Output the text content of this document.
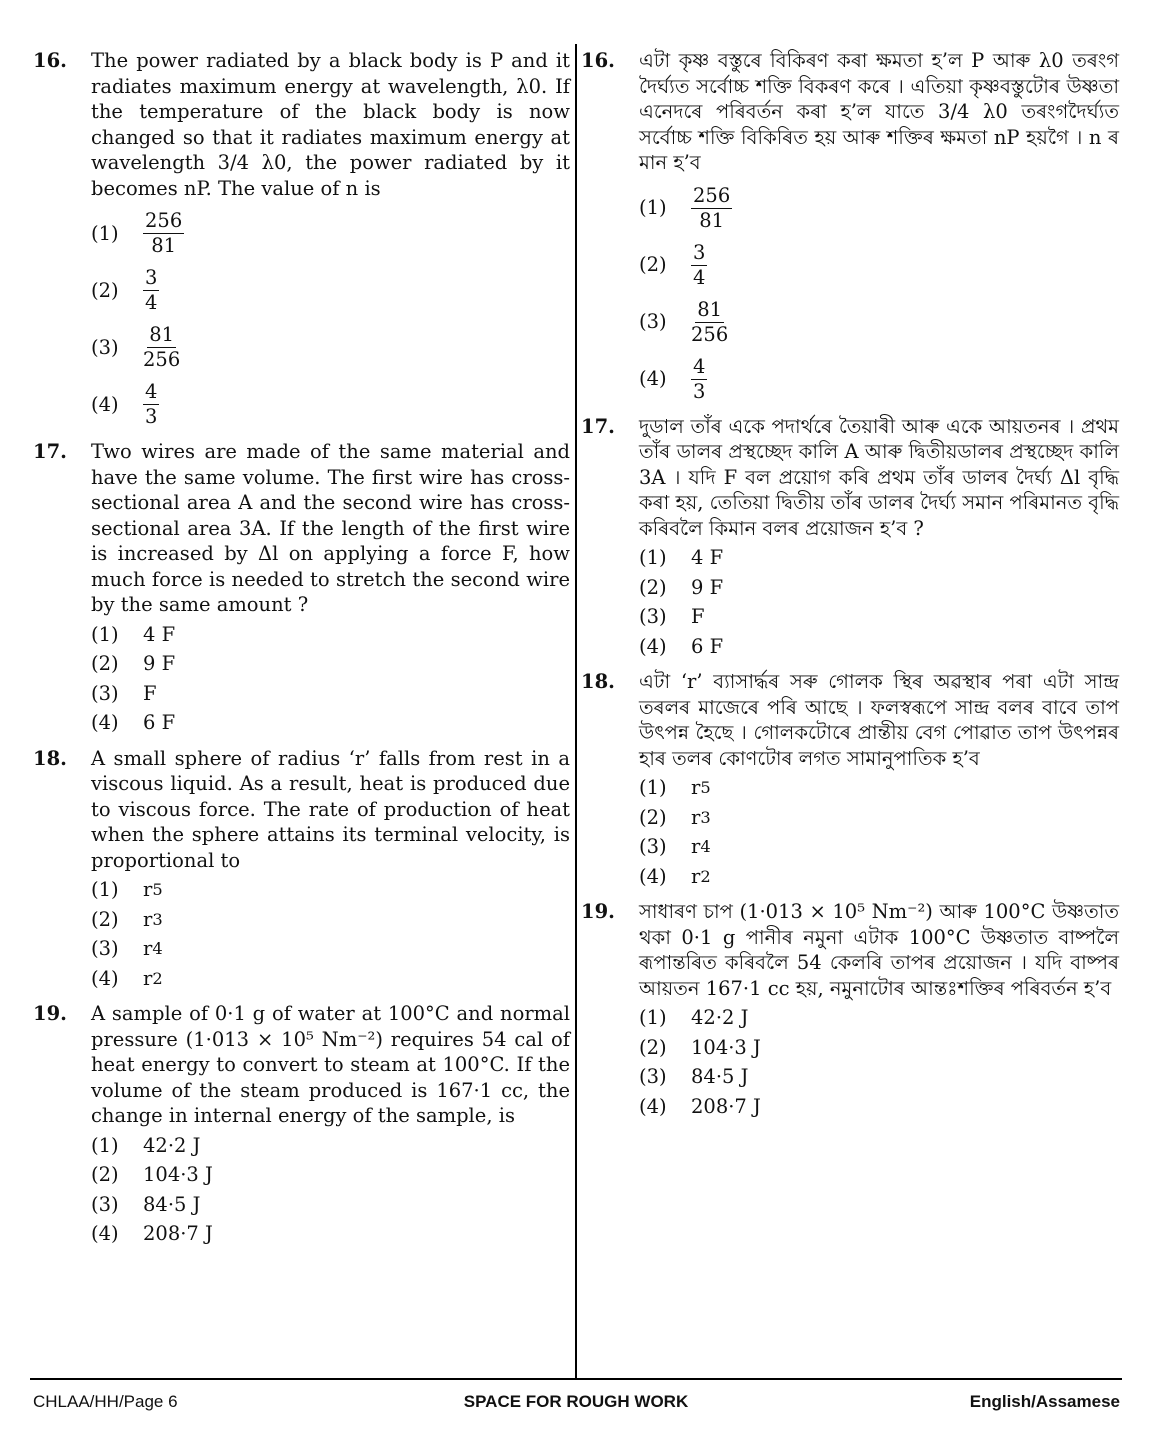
16. The power radiated by a black body is P and it radiates maximum energy at wavelength, λ0. If the temperature of the black body is now changed so that it radiates maximum energy at wavelength 3/4 λ0, the power radiated by it becomes nP. The value of n is
(1)	$\frac{256}{81}$
(2)	$\frac{3}{4}$
(3)	$\frac{81}{256}$
(4)	$\frac{4}{3}$
17. Two wires are made of the same material and have the same volume. The first wire has cross-sectional area A and the second wire has cross-sectional area 3A. If the length of the first wire is increased by Δl on applying a force F, how much force is needed to stretch the second wire by the same amount ?
(1)	4 F
(2)	9 F
(3)	F
(4)	6 F
18. A small sphere of radius ‘r’ falls from rest in a viscous liquid. As a result, heat is produced due to viscous force. The rate of production of heat when the sphere attains its terminal velocity, is proportional to
(1)	r 5
(2)	r 3
(3)	r 4
(4)	r 2
19. A sample of 0·1 g of water at 100°C and normal pressure (1·013 × 10⁵ Nm⁻²) requires 54 cal of heat energy to convert to steam at 100°C. If the volume of the steam produced is 167·1 cc, the change in internal energy of the sample, is
(1)	42·2 J
(2)	104·3 J
(3)	84·5 J
(4)	208·7 J
16. এটা কৃষ্ণ বস্তুৰে বিকিৰণ কৰা ক্ষমতা হ’ল P আৰু λ0 তৰংগ দৈৰ্ঘ্যত সৰ্বোচ্চ শক্তি বিকৰণ কৰে । এতিয়া কৃষ্ণবস্তুটোৰ উষ্ণতা এনেদৰে পৰিবৰ্তন কৰা হ’ল যাতে 3/4 λ0 তৰংগদৈৰ্ঘ্যত সৰ্বোচ্চ শক্তি বিকিৰিত হয় আৰু শক্তিৰ ক্ষমতা nP হয়গৈ । n ৰ মান হ’ব
(1)	$\frac{256}{81}$
(2)	$\frac{3}{4}$
(3)	$\frac{81}{256}$
(4)	$\frac{4}{3}$
17. দুডাল তাঁৰ একে পদাৰ্থৰে তৈয়াৰী আৰু একে আয়তনৰ । প্ৰথম তাঁৰ ডালৰ প্ৰস্থচ্ছেদ কালি A আৰু দ্বিতীয়ডালৰ প্ৰস্থচ্ছেদ কালি 3A । যদি F বল প্ৰয়োগ কৰি প্ৰথম তাঁৰ ডালৰ দৈৰ্ঘ্য Δl বৃদ্ধি কৰা হয়, তেতিয়া দ্বিতীয় তাঁৰ ডালৰ দৈৰ্ঘ্য সমান পৰিমানত বৃদ্ধি কৰিবলৈ কিমান বলৰ প্ৰয়োজন হ’ব ?
(1)	4 F
(2)	9 F
(3)	F
(4)	6 F
18. এটা ‘r’ ব্যাসাৰ্দ্ধৰ সৰু গোলক স্থিৰ অৱস্থাৰ পৰা এটা সান্দ্ৰ তৰলৰ মাজেৰে পৰি আছে । ফলস্বৰূপে সান্দ্ৰ বলৰ বাবে তাপ উৎপন্ন হৈছে । গোলকটোৰে প্ৰান্তীয় বেগ পোৱাত তাপ উৎপন্নৰ হাৰ তলৰ কোণটোৰ লগত সামানুপাতিক হ’ব
(1)	r 5
(2)	r 3
(3)	r 4
(4)	r 2
19. সাধাৰণ চাপ (1·013 × 10⁵ Nm⁻²) আৰু 100°C উষ্ণতাত থকা 0·1 g পানীৰ নমুনা এটাক 100°C উষ্ণতাত বাষ্পলৈ ৰূপান্তৰিত কৰিবলৈ 54 কেলৰি তাপৰ প্ৰয়োজন । যদি বাষ্পৰ আয়তন 167·1 cc হয়, নমুনাটোৰ আন্তঃশক্তিৰ পৰিবৰ্তন হ’ব
(1)	42·2 J
(2)	104·3 J
(3)	84·5 J
(4)	208·7 J
CHLAA/HH/Page 6	SPACE FOR ROUGH WORK	English/Assamese
